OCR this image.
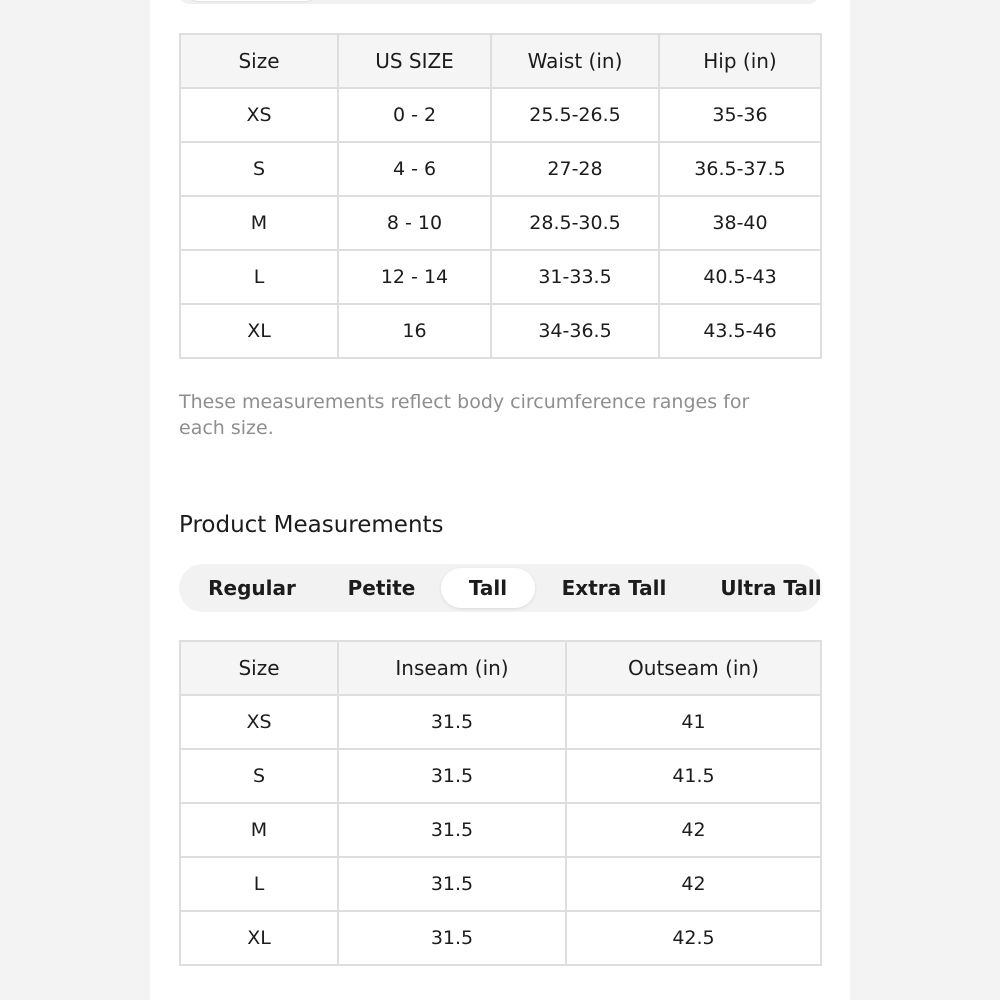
Size	US SIZE	Waist (in)	Hip (in)
XS	0 - 2	25.5-26.5	35-36
S	4 - 6	27-28	36.5-37.5
M	8 - 10	28.5-30.5	38-40
L	12 - 14	31-33.5	40.5-43
XL	16	34-36.5	43.5-46
These measurements reflect body circumference ranges for each size.
Product Measurements
Regular	Petite	Tall	Extra Tall	Ultra Tall
Size	Inseam (in)	Outseam (in)
XS	31.5	41
S	31.5	41.5
M	31.5	42
L	31.5	42
XL	31.5	42.5
